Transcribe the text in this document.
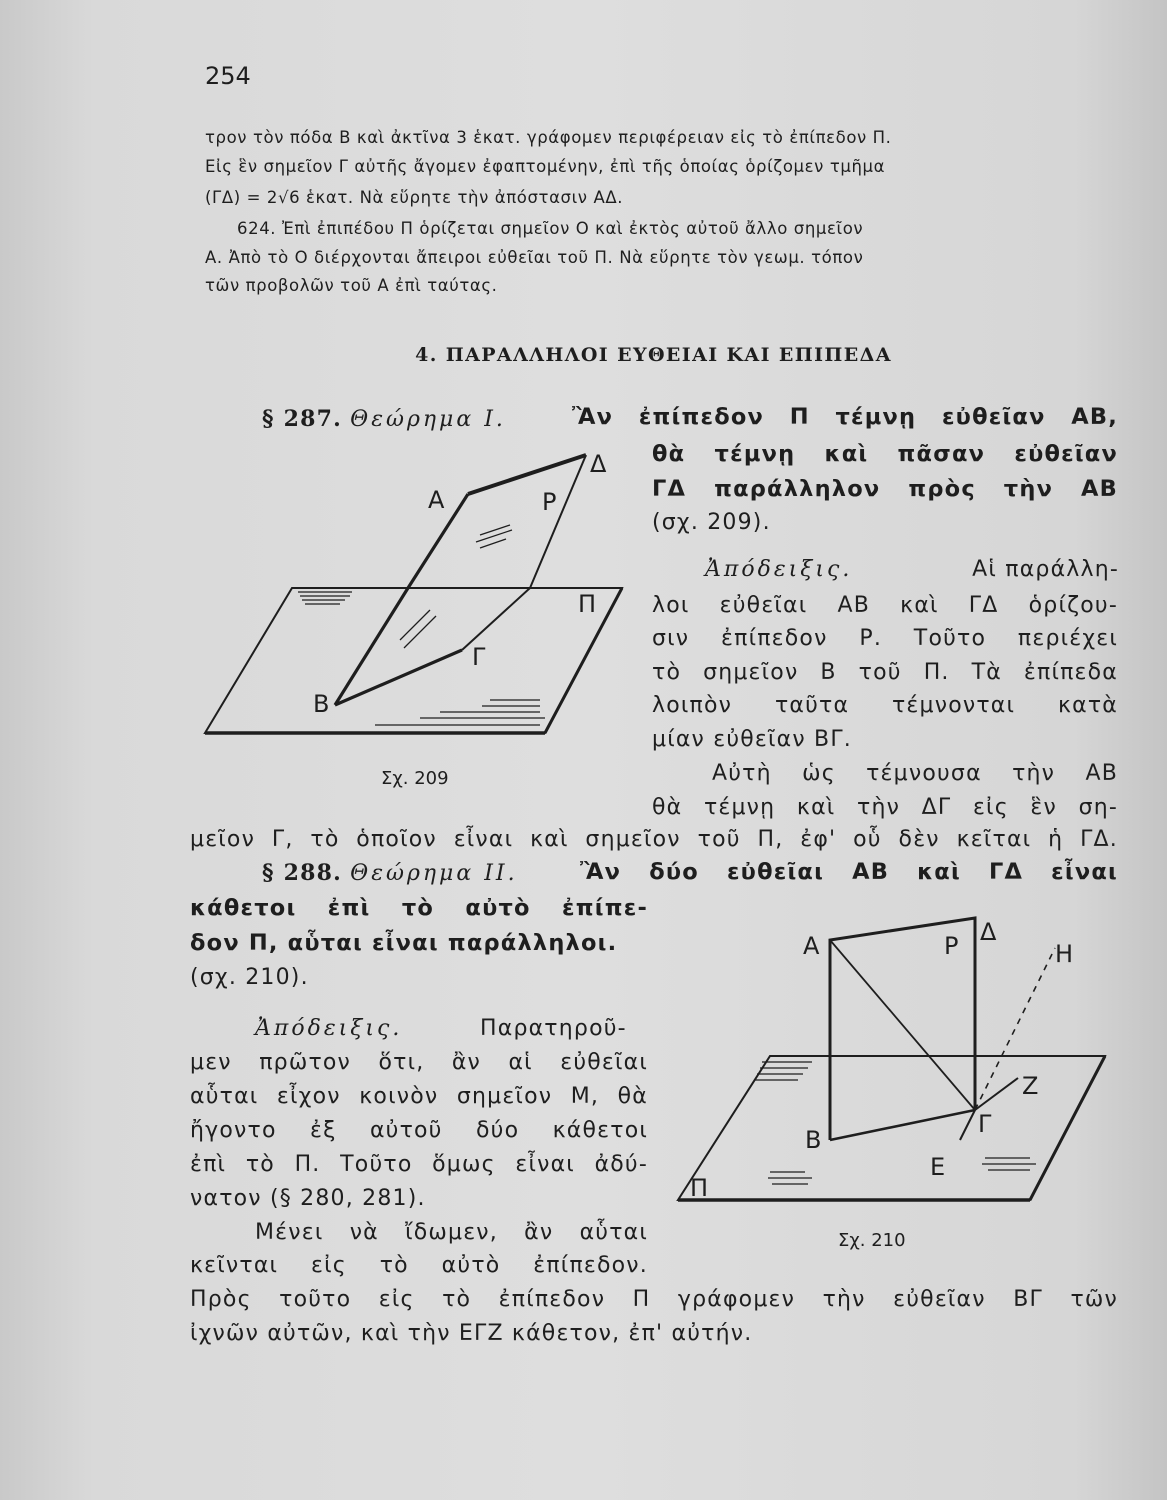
254
τρον τὸν πόδα Β καὶ ἀκτῖνα 3 ἑκατ. γράφομεν περιφέρειαν εἰς τὸ ἐπίπεδον Π.
Εἰς ἓν σημεῖον Γ αὐτῆς ἄγομεν ἐφαπτομένην, ἐπὶ τῆς ὁποίας ὁρίζομεν τμῆμα
(ΓΔ) = 2√6 ἑκατ. Νὰ εὕρητε τὴν ἀπόστασιν ΑΔ.
624. Ἐπὶ ἐπιπέδου Π ὁρίζεται σημεῖον Ο καὶ ἐκτὸς αὐτοῦ ἄλλο σημεῖον
Α. Ἀπὸ τὸ Ο διέρχονται ἄπειροι εὐθεῖαι τοῦ Π. Νὰ εὕρητε τὸν γεωμ. τόπον
τῶν προβολῶν τοῦ Α ἐπὶ ταύτας.
4. ΠΑΡΑΛΛΗΛΟΙ ΕΥΘΕΙΑΙ ΚΑΙ ΕΠΙΠΕΔΑ
§ 287. Θεώρημα Ι.	Ἂν ἐπίπεδον Π τέμνῃ εὐθεῖαν ΑΒ,
θὰ τέμνῃ καὶ πᾶσαν εὐθεῖαν
ΓΔ παράλληλον πρὸς τὴν ΑΒ
(σχ. 209).
Ἀπόδειξις.	Αἱ παράλλη-
λοι εὐθεῖαι ΑΒ καὶ ΓΔ ὁρίζου-
σιν ἐπίπεδον Ρ. Τοῦτο περιέχει
τὸ σημεῖον Β τοῦ Π. Τὰ ἐπίπεδα
λοιπὸν ταῦτα τέμνονται κατὰ
μίαν εὐθεῖαν ΒΓ.
Αὐτὴ ὡς τέμνουσα τὴν ΑΒ
θὰ τέμνῃ καὶ τὴν ΔΓ εἰς ἓν ση-
μεῖον Γ, τὸ ὁποῖον εἶναι καὶ σημεῖον τοῦ Π, ἐφ' οὗ δὲν κεῖται ἡ ΓΔ.
§ 288. Θεώρημα ΙΙ.	Ἂν δύο εὐθεῖαι ΑΒ καὶ ΓΔ εἶναι
κάθετοι ἐπὶ τὸ αὐτὸ ἐπίπε-
δον Π, αὗται εἶναι παράλληλοι.
(σχ. 210).
Ἀπόδειξις.	Παρατηροῦ-
μεν πρῶτον ὅτι, ἂν αἱ εὐθεῖαι
αὗται εἶχον κοινὸν σημεῖον Μ, θὰ
ἤγοντο ἐξ αὐτοῦ δύο κάθετοι
ἐπὶ τὸ Π. Τοῦτο ὅμως εἶναι ἀδύ-
νατον (§ 280, 281).
Μένει νὰ ἴδωμεν, ἂν αὗται
κεῖνται εἰς τὸ αὐτὸ ἐπίπεδον.
Πρὸς τοῦτο εἰς τὸ ἐπίπεδον Π γράφομεν τὴν εὐθεῖαν ΒΓ τῶν
ἰχνῶν αὐτῶν, καὶ τὴν ΕΓΖ κάθετον, ἐπ' αὐτήν.
Α
Δ
Ρ
Π
Γ
Β
Σχ. 209
Α	Ρ Δ
Η
Ζ
Β
Γ
Ε
Π
Σχ. 210
